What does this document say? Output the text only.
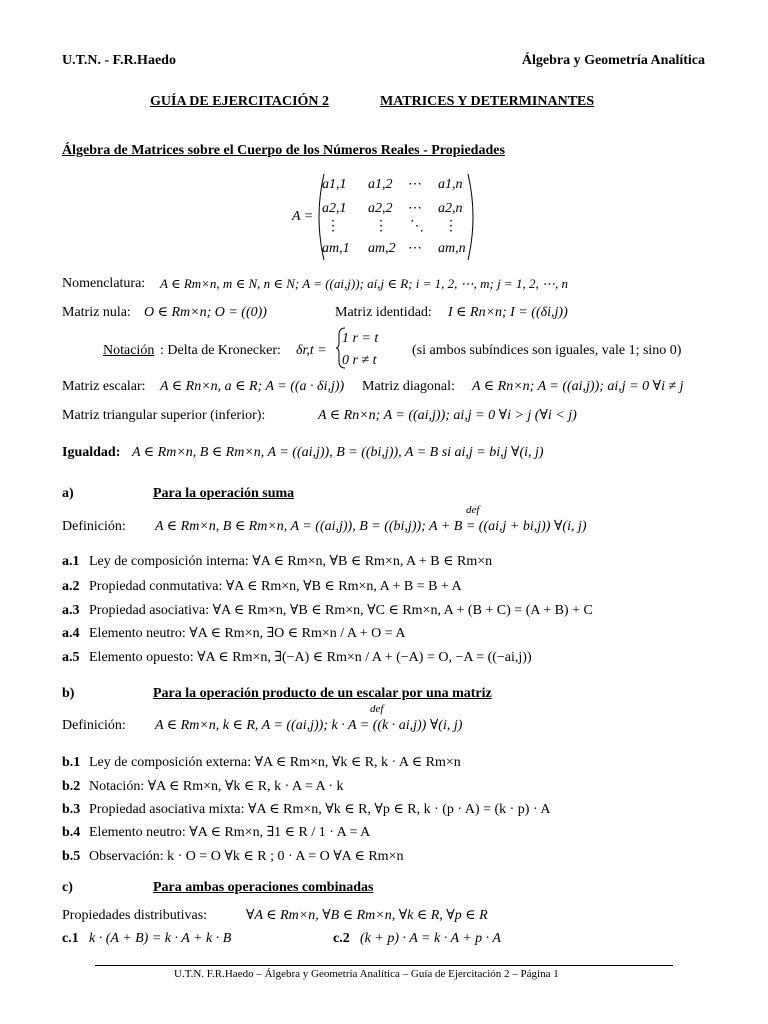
U.T.N. - F.R.Haedo	Álgebra y Geometría Analítica
GUÍA DE EJERCITACIÓN 2	MATRICES Y DETERMINANTES
Álgebra de Matrices sobre el Cuerpo de los Números Reales - Propiedades
A =
a1,1 a1,2 ⋯ a1,n
a2,1 a2,2 ⋯ a2,n
⋮ ⋮ ⋱ ⋮
am,1 am,2 ⋯ am,n
Nomenclatura: A ∈ Rm×n, m ∈ N, n ∈ N; A = ((ai,j)); ai,j ∈ R; i = 1, 2, ⋯, m; j = 1, 2, ⋯, n
Matriz nula: O ∈ Rm×n; O = ((0))	Matriz identidad: I ∈ Rn×n; I = ((δi,j))
Notación : Delta de Kronecker: δr,t =
1 r = t
0 r ≠ t
(si ambos subíndices son iguales, vale 1; sino 0)
Matriz escalar: A ∈ Rn×n, a ∈ R; A = ((a · δi,j)) Matriz diagonal: A ∈ Rn×n; A = ((ai,j)); ai,j = 0 ∀i ≠ j
Matriz triangular superior (inferior):	A ∈ Rn×n; A = ((ai,j)); ai,j = 0 ∀i > j (∀i < j)
Igualdad: A ∈ Rm×n, B ∈ Rm×n, A = ((ai,j)), B = ((bi,j)), A = B si ai,j = bi,j ∀(i, j)
a)	Para la operación suma
Definición:
def
A ∈ Rm×n, B ∈ Rm×n, A = ((ai,j)), B = ((bi,j)); A + B = ((ai,j + bi,j)) ∀(i, j)
a.1 Ley de composición interna: ∀A ∈ Rm×n, ∀B ∈ Rm×n, A + B ∈ Rm×n
a.2 Propiedad conmutativa: ∀A ∈ Rm×n, ∀B ∈ Rm×n, A + B = B + A
a.3 Propiedad asociativa: ∀A ∈ Rm×n, ∀B ∈ Rm×n, ∀C ∈ Rm×n, A + (B + C) = (A + B) + C
a.4 Elemento neutro: ∀A ∈ Rm×n, ∃O ∈ Rm×n / A + O = A
a.5 Elemento opuesto: ∀A ∈ Rm×n, ∃(−A) ∈ Rm×n / A + (−A) = O, −A = ((−ai,j))
b)	Para la operación producto de un escalar por una matriz
Definición:
def
A ∈ Rm×n, k ∈ R, A = ((ai,j)); k · A = ((k · ai,j)) ∀(i, j)
b.1 Ley de composición externa: ∀A ∈ Rm×n, ∀k ∈ R, k · A ∈ Rm×n
b.2 Notación: ∀A ∈ Rm×n, ∀k ∈ R, k · A = A · k
b.3 Propiedad asociativa mixta: ∀A ∈ Rm×n, ∀k ∈ R, ∀p ∈ R, k · (p · A) = (k · p) · A
b.4 Elemento neutro: ∀A ∈ Rm×n, ∃1 ∈ R / 1 · A = A
b.5 Observación: k · O = O ∀k ∈ R ; 0 · A = O ∀A ∈ Rm×n
c)	Para ambas operaciones combinadas
Propiedades distributivas:	∀A ∈ Rm×n, ∀B ∈ Rm×n, ∀k ∈ R, ∀p ∈ R
c.1 k · (A + B) = k · A + k · B	c.2 (k + p) · A = k · A + p · A
U.T.N. F.R.Haedo – Álgebra y Geometría Analítica – Guía de Ejercitación 2 – Página 1
